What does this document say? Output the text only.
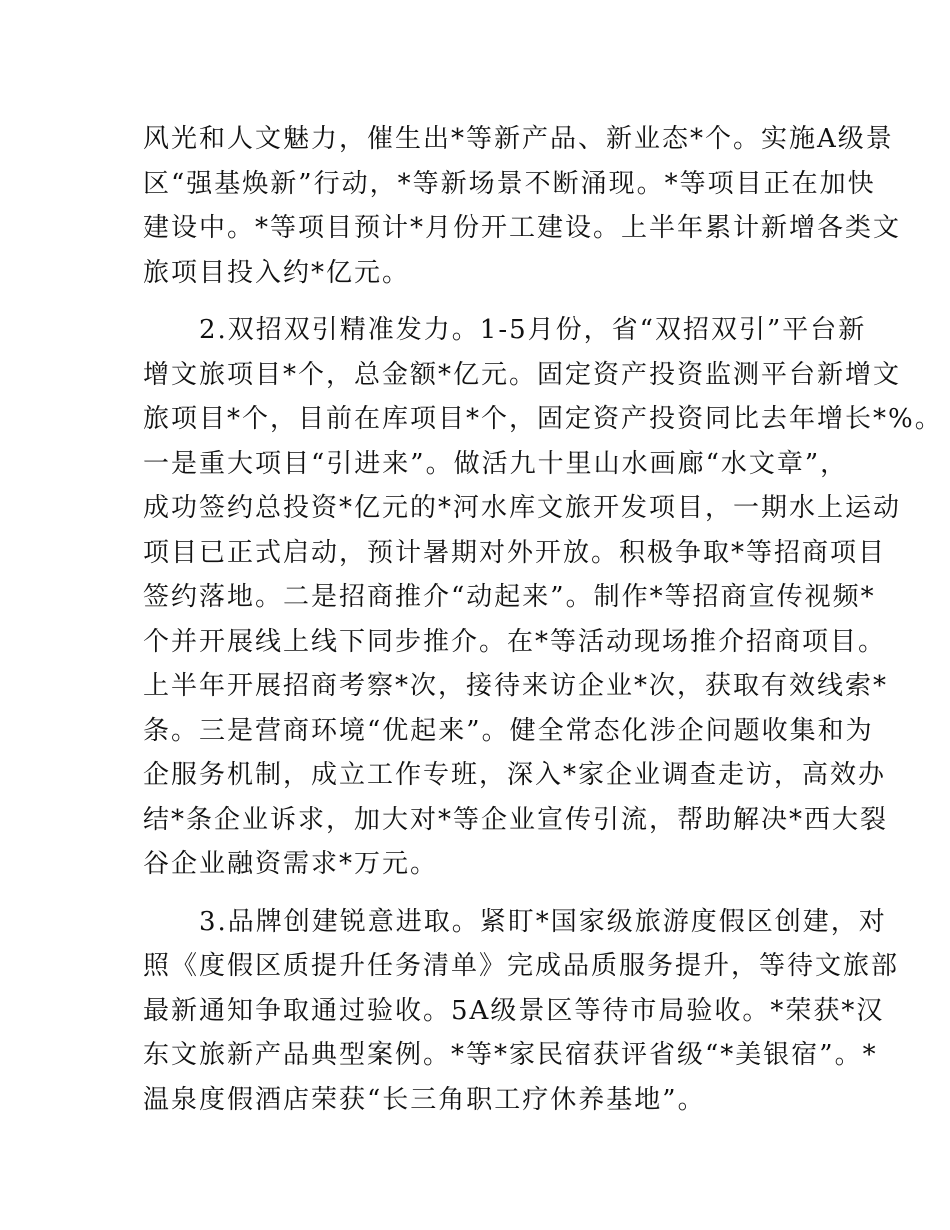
风光和人文魅力，催生出*等新产品、新业态*个。实施A级景
区“强基焕新”行动，*等新场景不断涌现。*等项目正在加快
建设中。*等项目预计*月份开工建设。上半年累计新增各类文
旅项目投入约*亿元。
　　2.双招双引精准发力。1-5月份，省“双招双引”平台新
增文旅项目*个，总金额*亿元。固定资产投资监测平台新增文
旅项目*个，目前在库项目*个，固定资产投资同比去年增长*%。
一是重大项目“引进来”。做活九十里山水画廊“水文章”，
成功签约总投资*亿元的*河水库文旅开发项目，一期水上运动
项目已正式启动，预计暑期对外开放。积极争取*等招商项目
签约落地。二是招商推介“动起来”。制作*等招商宣传视频*
个并开展线上线下同步推介。在*等活动现场推介招商项目。
上半年开展招商考察*次，接待来访企业*次，获取有效线索*
条。三是营商环境“优起来”。健全常态化涉企问题收集和为
企服务机制，成立工作专班，深入*家企业调查走访，高效办
结*条企业诉求，加大对*等企业宣传引流，帮助解决*西大裂
谷企业融资需求*万元。
　　3.品牌创建锐意进取。紧盯*国家级旅游度假区创建，对
照《度假区质提升任务清单》完成品质服务提升，等待文旅部
最新通知争取通过验收。5A级景区等待市局验收。*荣获*汉
东文旅新产品典型案例。*等*家民宿获评省级“*美银宿”。*
温泉度假酒店荣获“长三角职工疗休养基地”。
